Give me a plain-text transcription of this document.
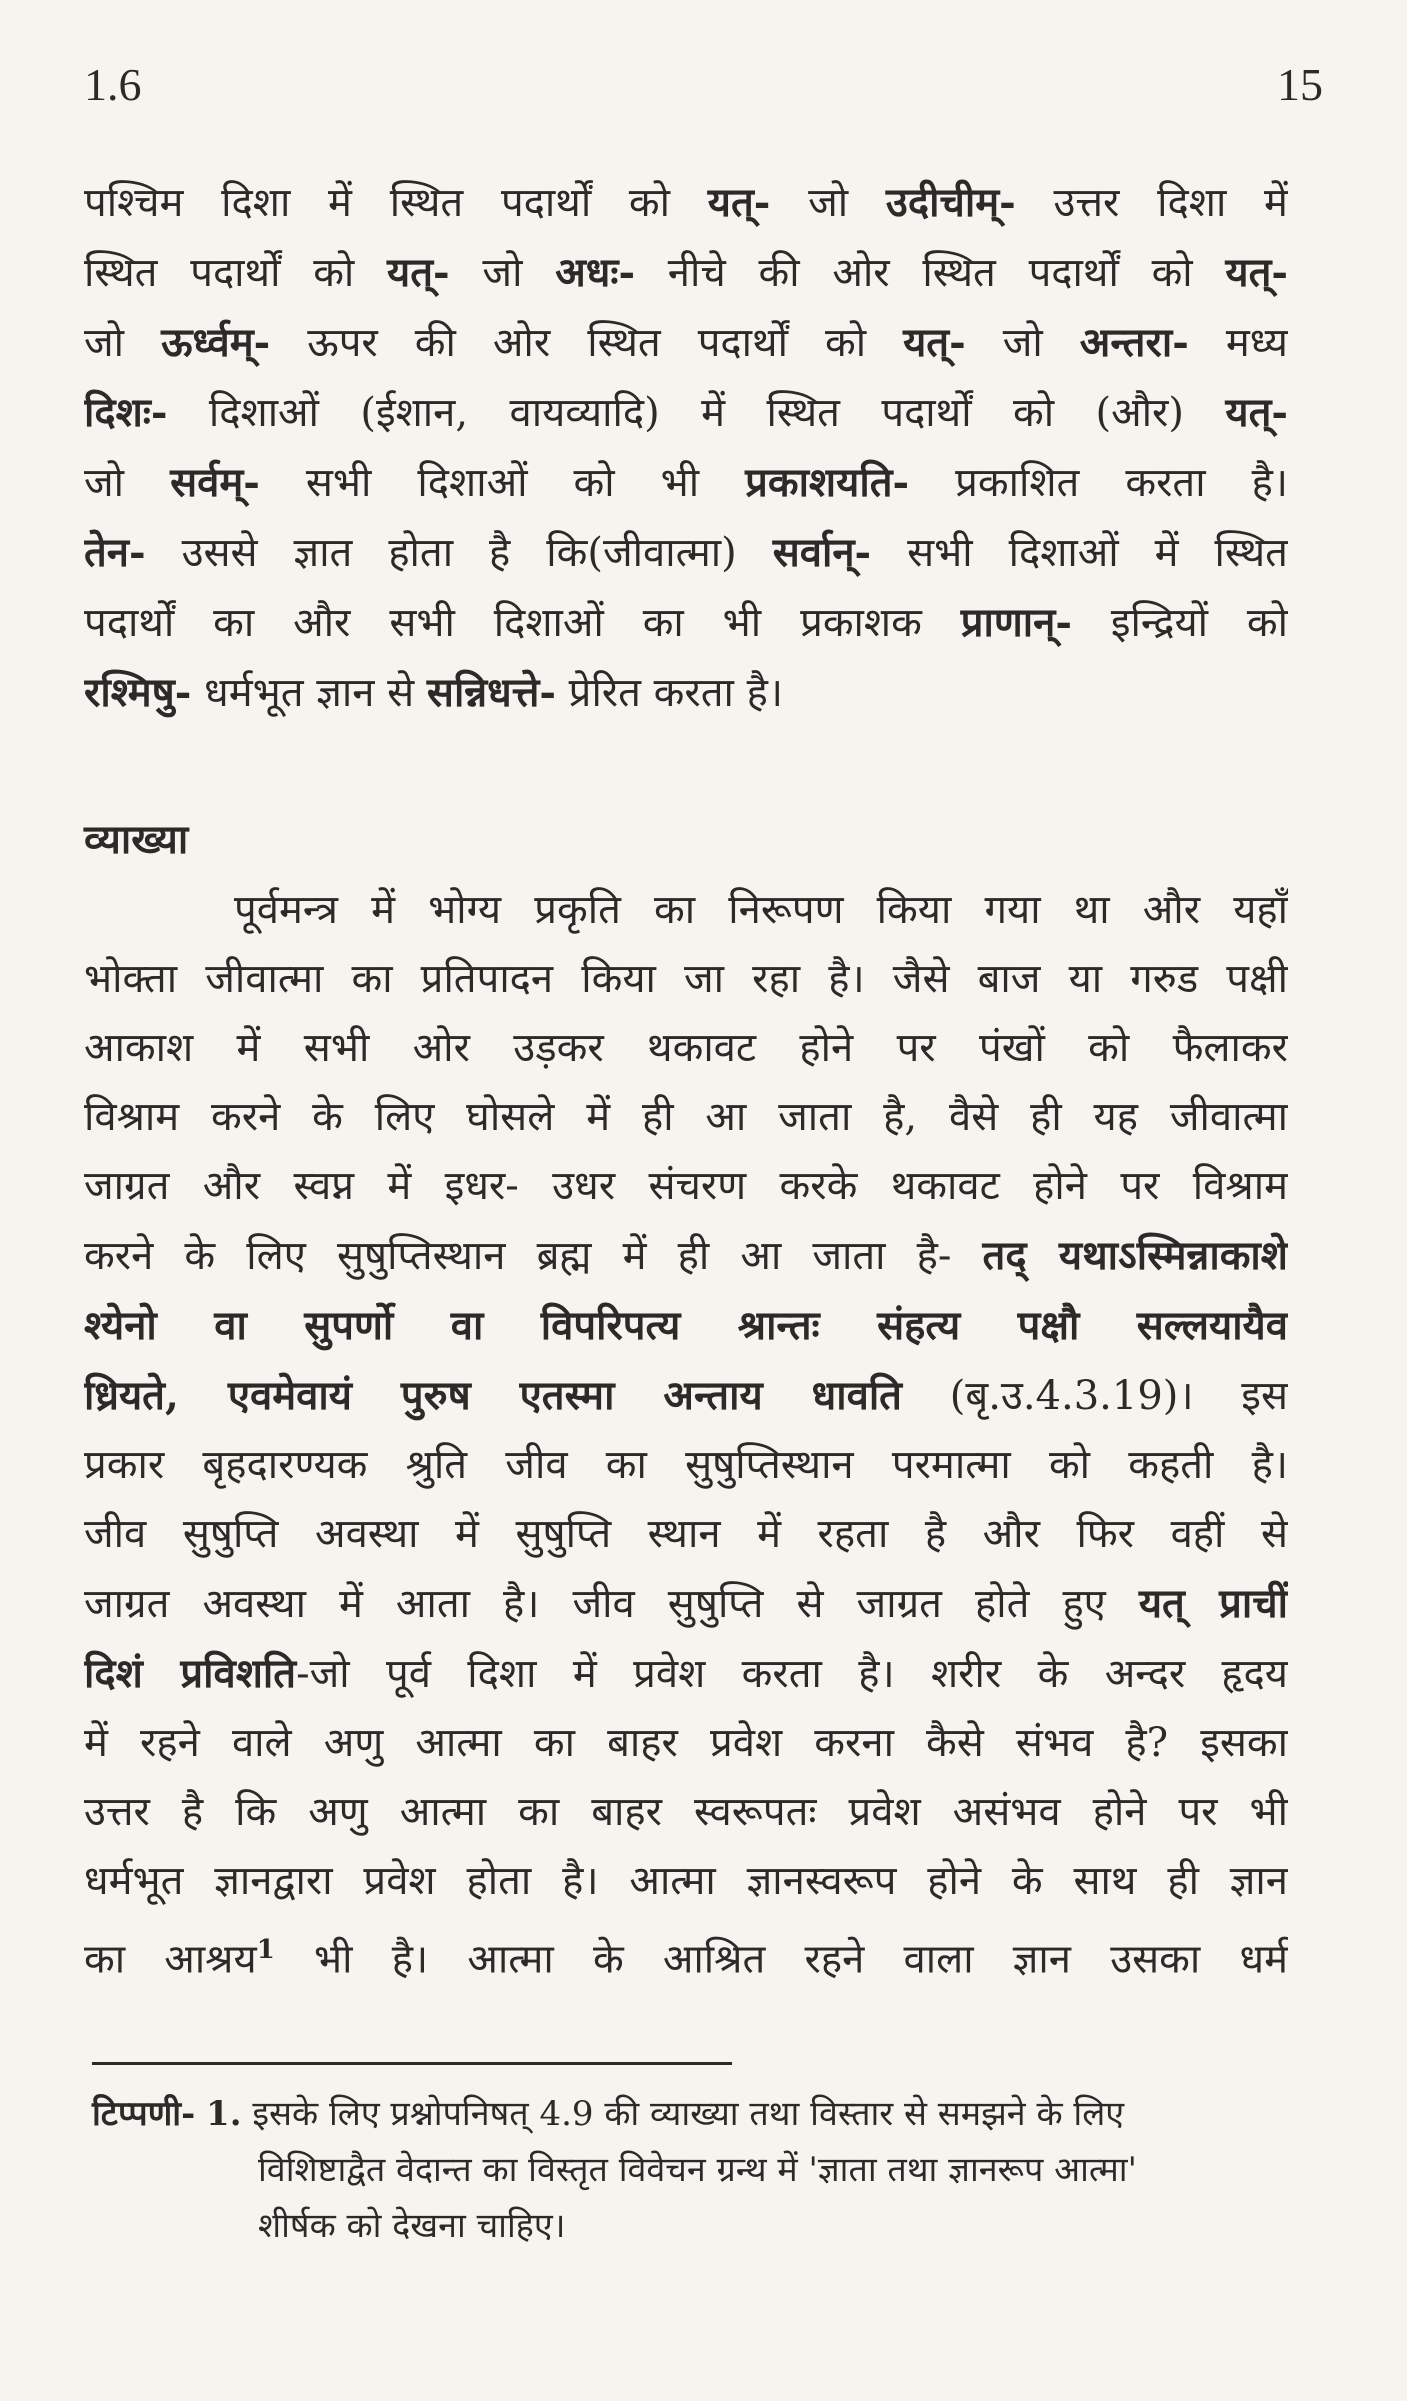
1.6	15
पश्चिम दिशा में स्थित पदार्थों को यत्- जो उदीचीम्- उत्तर दिशा में
स्थित पदार्थों को यत्- जो अधः- नीचे की ओर स्थित पदार्थों को यत्-
जो ऊर्ध्वम्- ऊपर की ओर स्थित पदार्थों को यत्- जो अन्तरा- मध्य
दिशः- दिशाओं (ईशान, वायव्यादि) में स्थित पदार्थों को (और) यत्-
जो सर्वम्- सभी दिशाओं को भी प्रकाशयति- प्रकाशित करता है।
तेन- उससे ज्ञात होता है कि(जीवात्मा) सर्वान्- सभी दिशाओं में स्थित
पदार्थों का और सभी दिशाओं का भी प्रकाशक प्राणान्- इन्द्रियों को
रश्मिषु- धर्मभूत ज्ञान से सन्निधत्ते- प्रेरित करता है।
व्याख्या
पूर्वमन्त्र में भोग्य प्रकृति का निरूपण किया गया था और यहाँ
भोक्ता जीवात्मा का प्रतिपादन किया जा रहा है। जैसे बाज या गरुड पक्षी
आकाश में सभी ओर उड़कर थकावट होने पर पंखों को फैलाकर
विश्राम करने के लिए घोसले में ही आ जाता है, वैसे ही यह जीवात्मा
जाग्रत और स्वप्न में इधर- उधर संचरण करके थकावट होने पर विश्राम
करने के लिए सुषुप्तिस्थान ब्रह्म में ही आ जाता है- तद् यथाऽस्मिन्नाकाशे
श्येनो वा सुपर्णो वा विपरिपत्य श्रान्तः संहत्य पक्षौ सल्लयायैव
ध्रियते, एवमेवायं पुरुष एतस्मा अन्ताय धावति (बृ.उ.4.3.19)। इस
प्रकार बृहदारण्यक श्रुति जीव का सुषुप्तिस्थान परमात्मा को कहती है।
जीव सुषुप्ति अवस्था में सुषुप्ति स्थान में रहता है और फिर वहीं से
जाग्रत अवस्था में आता है। जीव सुषुप्ति से जाग्रत होते हुए यत् प्राचीं
दिशं प्रविशति-जो पूर्व दिशा में प्रवेश करता है। शरीर के अन्दर हृदय
में रहने वाले अणु आत्मा का बाहर प्रवेश करना कैसे संभव है? इसका
उत्तर है कि अणु आत्मा का बाहर स्वरूपतः प्रवेश असंभव होने पर भी
धर्मभूत ज्ञानद्वारा प्रवेश होता है। आत्मा ज्ञानस्वरूप होने के साथ ही ज्ञान
का आश्रय$^1$ भी है। आत्मा के आश्रित रहने वाला ज्ञान उसका धर्म
टिप्पणी- 1. इसके लिए प्रश्नोपनिषत् 4.9 की व्याख्या तथा विस्तार से समझने के लिए
विशिष्टाद्वैत वेदान्त का विस्तृत विवेचन ग्रन्थ में 'ज्ञाता तथा ज्ञानरूप आत्मा'
शीर्षक को देखना चाहिए।
